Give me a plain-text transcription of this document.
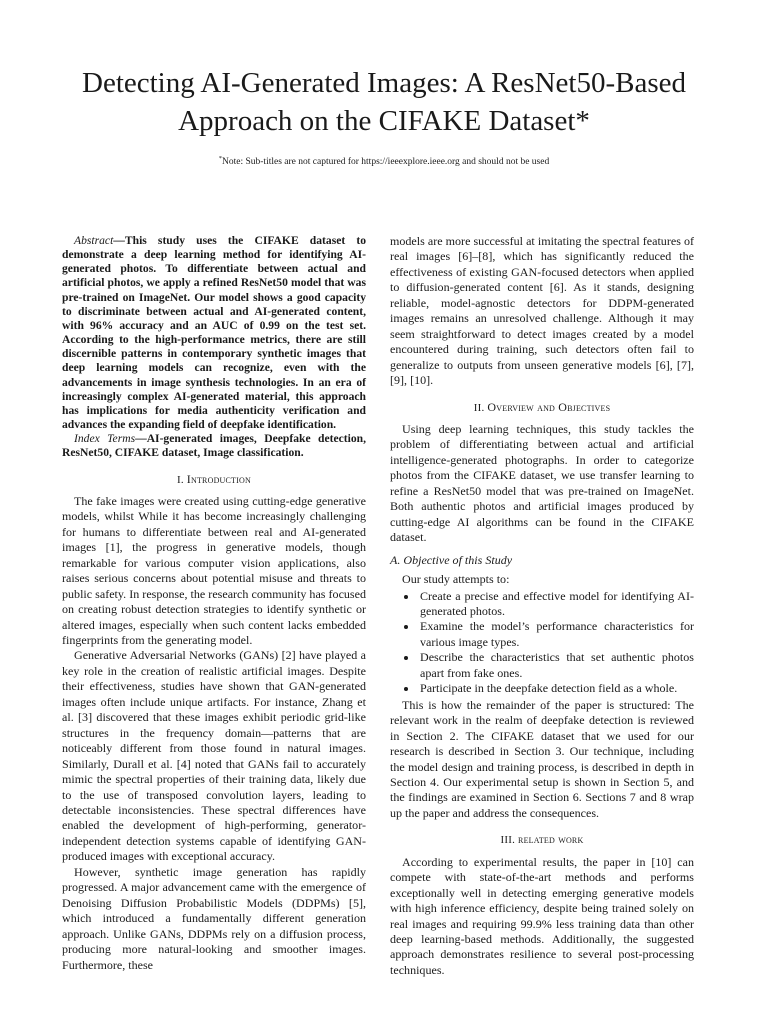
Detecting AI-Generated Images: A ResNet50-Based Approach on the CIFAKE Dataset*
*Note: Sub-titles are not captured for https://ieeexplore.ieee.org and should not be used

Abstract—This study uses the CIFAKE dataset to demonstrate a deep learning method for identifying AI-generated photos. To differentiate between actual and artificial photos, we apply a refined ResNet50 model that was pre-trained on ImageNet. Our model shows a good capacity to discriminate between actual and AI-generated content, with 96% accuracy and an AUC of 0.99 on the test set. According to the high-performance metrics, there are still discernible patterns in contemporary synthetic images that deep learning models can recognize, even with the advancements in image synthesis technologies. In an era of increasingly complex AI-generated material, this approach has implications for media authenticity verification and advances the expanding field of deepfake identification.

Index Terms—AI-generated images, Deepfake detection, ResNet50, CIFAKE dataset, Image classification.

I. Introduction

The fake images were created using cutting-edge generative models, whilst While it has become increasingly challenging for humans to differentiate between real and AI-generated images [1], the progress in generative models, though remarkable for various computer vision applications, also raises serious concerns about potential misuse and threats to public safety. In response, the research community has focused on creating robust detection strategies to identify synthetic or altered images, especially when such content lacks embedded fingerprints from the generating model.

Generative Adversarial Networks (GANs) [2] have played a key role in the creation of realistic artificial images. Despite their effectiveness, studies have shown that GAN-generated images often include unique artifacts. For instance, Zhang et al. [3] discovered that these images exhibit periodic grid-like structures in the frequency domain—patterns that are noticeably different from those found in natural images. Similarly, Durall et al. [4] noted that GANs fail to accurately mimic the spectral properties of their training data, likely due to the use of transposed convolution layers, leading to detectable inconsistencies. These spectral differences have enabled the development of high-performing, generator-independent detection systems capable of identifying GAN-produced images with exceptional accuracy.

However, synthetic image generation has rapidly progressed. A major advancement came with the emergence of Denoising Diffusion Probabilistic Models (DDPMs) [5], which introduced a fundamentally different generation approach. Unlike GANs, DDPMs rely on a diffusion process, producing more natural-looking and smoother images. Furthermore, these

models are more successful at imitating the spectral features of real images [6]–[8], which has significantly reduced the effectiveness of existing GAN-focused detectors when applied to diffusion-generated content [6]. As it stands, designing reliable, model-agnostic detectors for DDPM-generated images remains an unresolved challenge. Although it may seem straightforward to detect images created by a model encountered during training, such detectors often fail to generalize to outputs from unseen generative models [6], [7], [9], [10].

II. Overview and Objectives

Using deep learning techniques, this study tackles the problem of differentiating between actual and artificial intelligence-generated photographs. In order to categorize photos from the CIFAKE dataset, we use transfer learning to refine a ResNet50 model that was pre-trained on ImageNet. Both authentic photos and artificial images produced by cutting-edge AI algorithms can be found in the CIFAKE dataset.

A. Objective of this Study

Our study attempts to:

• Create a precise and effective model for identifying AI-generated photos.
• Examine the model’s performance characteristics for various image types.
• Describe the characteristics that set authentic photos apart from fake ones.
• Participate in the deepfake detection field as a whole.

This is how the remainder of the paper is structured: The relevant work in the realm of deepfake detection is reviewed in Section 2. The CIFAKE dataset that we used for our research is described in Section 3. Our technique, including the model design and training process, is described in depth in Section 4. Our experimental setup is shown in Section 5, and the findings are examined in Section 6. Sections 7 and 8 wrap up the paper and address the consequences.

III. related work

According to experimental results, the paper in [10] can compete with state-of-the-art methods and performs exceptionally well in detecting emerging generative models with high inference efficiency, despite being trained solely on real images and requiring 99.9% less training data than other deep learning-based methods. Additionally, the suggested approach demonstrates resilience to several post-processing techniques.
